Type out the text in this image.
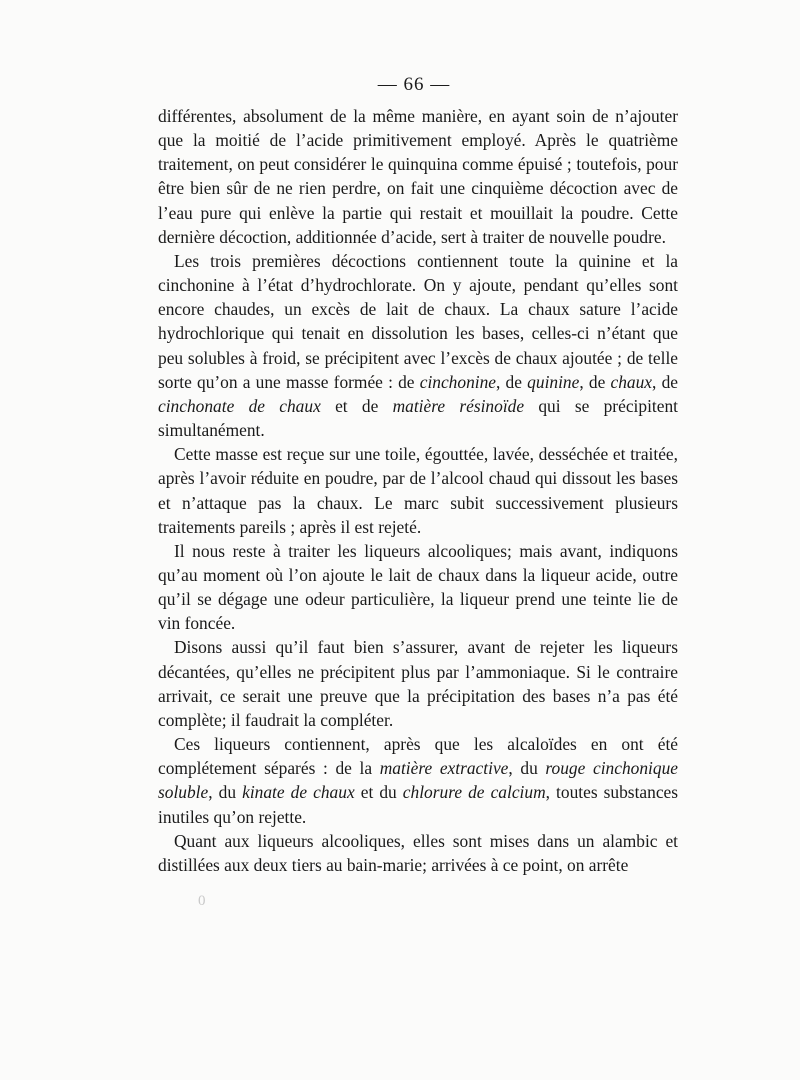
— 66 —

différentes, absolument de la même manière, en ayant soin de n’ajouter que la moitié de l’acide primitivement employé. Après le quatrième traitement, on peut considérer le quinquina comme épuisé ; toutefois, pour être bien sûr de ne rien perdre, on fait une cinquième décoction avec de l’eau pure qui enlève la partie qui restait et mouillait la poudre. Cette dernière décoction, additionnée d’acide, sert à traiter de nouvelle poudre.

Les trois premières décoctions contiennent toute la quinine et la cinchonine à l’état d’hydrochlorate. On y ajoute, pendant qu’elles sont encore chaudes, un excès de lait de chaux. La chaux sature l’acide hydrochlorique qui tenait en dissolution les bases, celles-ci n’étant que peu solubles à froid, se précipitent avec l’excès de chaux ajoutée ; de telle sorte qu’on a une masse formée : de cinchonine, de quinine, de chaux, de cinchonate de chaux et de matière résinoïde qui se précipitent simultanément.

Cette masse est reçue sur une toile, égouttée, lavée, desséchée et traitée, après l’avoir réduite en poudre, par de l’alcool chaud qui dissout les bases et n’attaque pas la chaux. Le marc subit successivement plusieurs traitements pareils ; après il est rejeté.

Il nous reste à traiter les liqueurs alcooliques; mais avant, indiquons qu’au moment où l’on ajoute le lait de chaux dans la liqueur acide, outre qu’il se dégage une odeur particulière, la liqueur prend une teinte lie de vin foncée.

Disons aussi qu’il faut bien s’assurer, avant de rejeter les liqueurs décantées, qu’elles ne précipitent plus par l’ammoniaque. Si le contraire arrivait, ce serait une preuve que la précipitation des bases n’a pas été complète; il faudrait la compléter.

Ces liqueurs contiennent, après que les alcaloïdes en ont été complétement séparés : de la matière extractive, du rouge cinchonique soluble, du kinate de chaux et du chlorure de calcium, toutes substances inutiles qu’on rejette.

Quant aux liqueurs alcooliques, elles sont mises dans un alambic et distillées aux deux tiers au bain-marie; arrivées à ce point, on arrête

0
